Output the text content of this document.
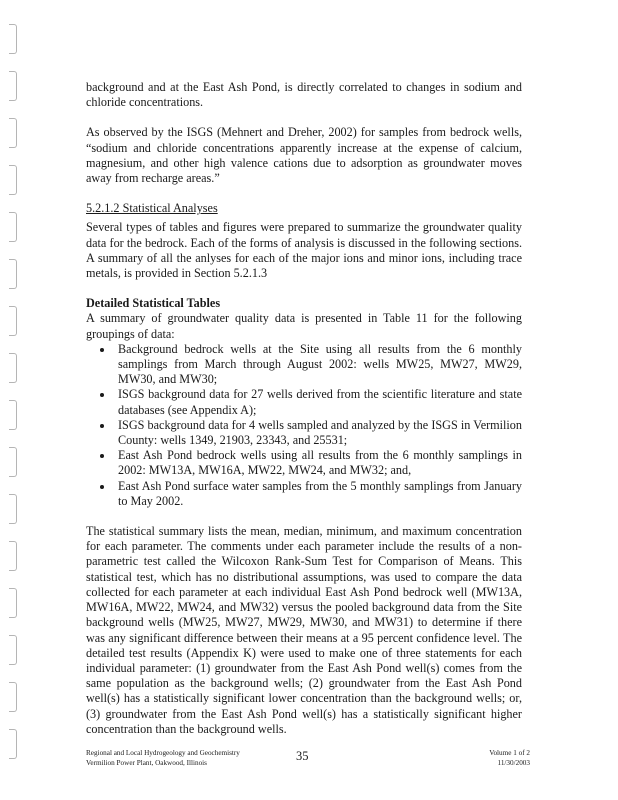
background and at the East Ash Pond, is directly correlated to changes in sodium and chloride concentrations.

As observed by the ISGS (Mehnert and Dreher, 2002) for samples from bedrock wells, “sodium and chloride concentrations apparently increase at the expense of calcium, magnesium, and other high valence cations due to adsorption as groundwater moves away from recharge areas.”

5.2.1.2 Statistical Analyses

Several types of tables and figures were prepared to summarize the groundwater quality data for the bedrock. Each of the forms of analysis is discussed in the following sections. A summary of all the anlyses for each of the major ions and minor ions, including trace metals, is provided in Section 5.2.1.3

Detailed Statistical Tables

A summary of groundwater quality data is presented in Table 11 for the following groupings of data:

Background bedrock wells at the Site using all results from the 6 monthly samplings from March through August 2002: wells MW25, MW27, MW29, MW30, and MW30;
ISGS background data for 27 wells derived from the scientific literature and state databases (see Appendix A);
ISGS background data for 4 wells sampled and analyzed by the ISGS in Vermilion County: wells 1349, 21903, 23343, and 25531;
East Ash Pond bedrock wells using all results from the 6 monthly samplings in 2002: MW13A, MW16A, MW22, MW24, and MW32; and,
East Ash Pond surface water samples from the 5 monthly samplings from January to May 2002.

The statistical summary lists the mean, median, minimum, and maximum concentration for each parameter. The comments under each parameter include the results of a non-parametric test called the Wilcoxon Rank-Sum Test for Comparison of Means. This statistical test, which has no distributional assumptions, was used to compare the data collected for each parameter at each individual East Ash Pond bedrock well (MW13A, MW16A, MW22, MW24, and MW32) versus the pooled background data from the Site background wells (MW25, MW27, MW29, MW30, and MW31) to determine if there was any significant difference between their means at a 95 percent confidence level. The detailed test results (Appendix K) were used to make one of three statements for each individual parameter: (1) groundwater from the East Ash Pond well(s) comes from the same population as the background wells; (2) groundwater from the East Ash Pond well(s) has a statistically significant lower concentration than the background wells; or, (3) groundwater from the East Ash Pond well(s) has a statistically significant higher concentration than the background wells.

Regional and Local Hydrogeology and Geochemistry
Vermilion Power Plant, Oakwood, Illinois	35	Volume 1 of 2
11/30/2003
